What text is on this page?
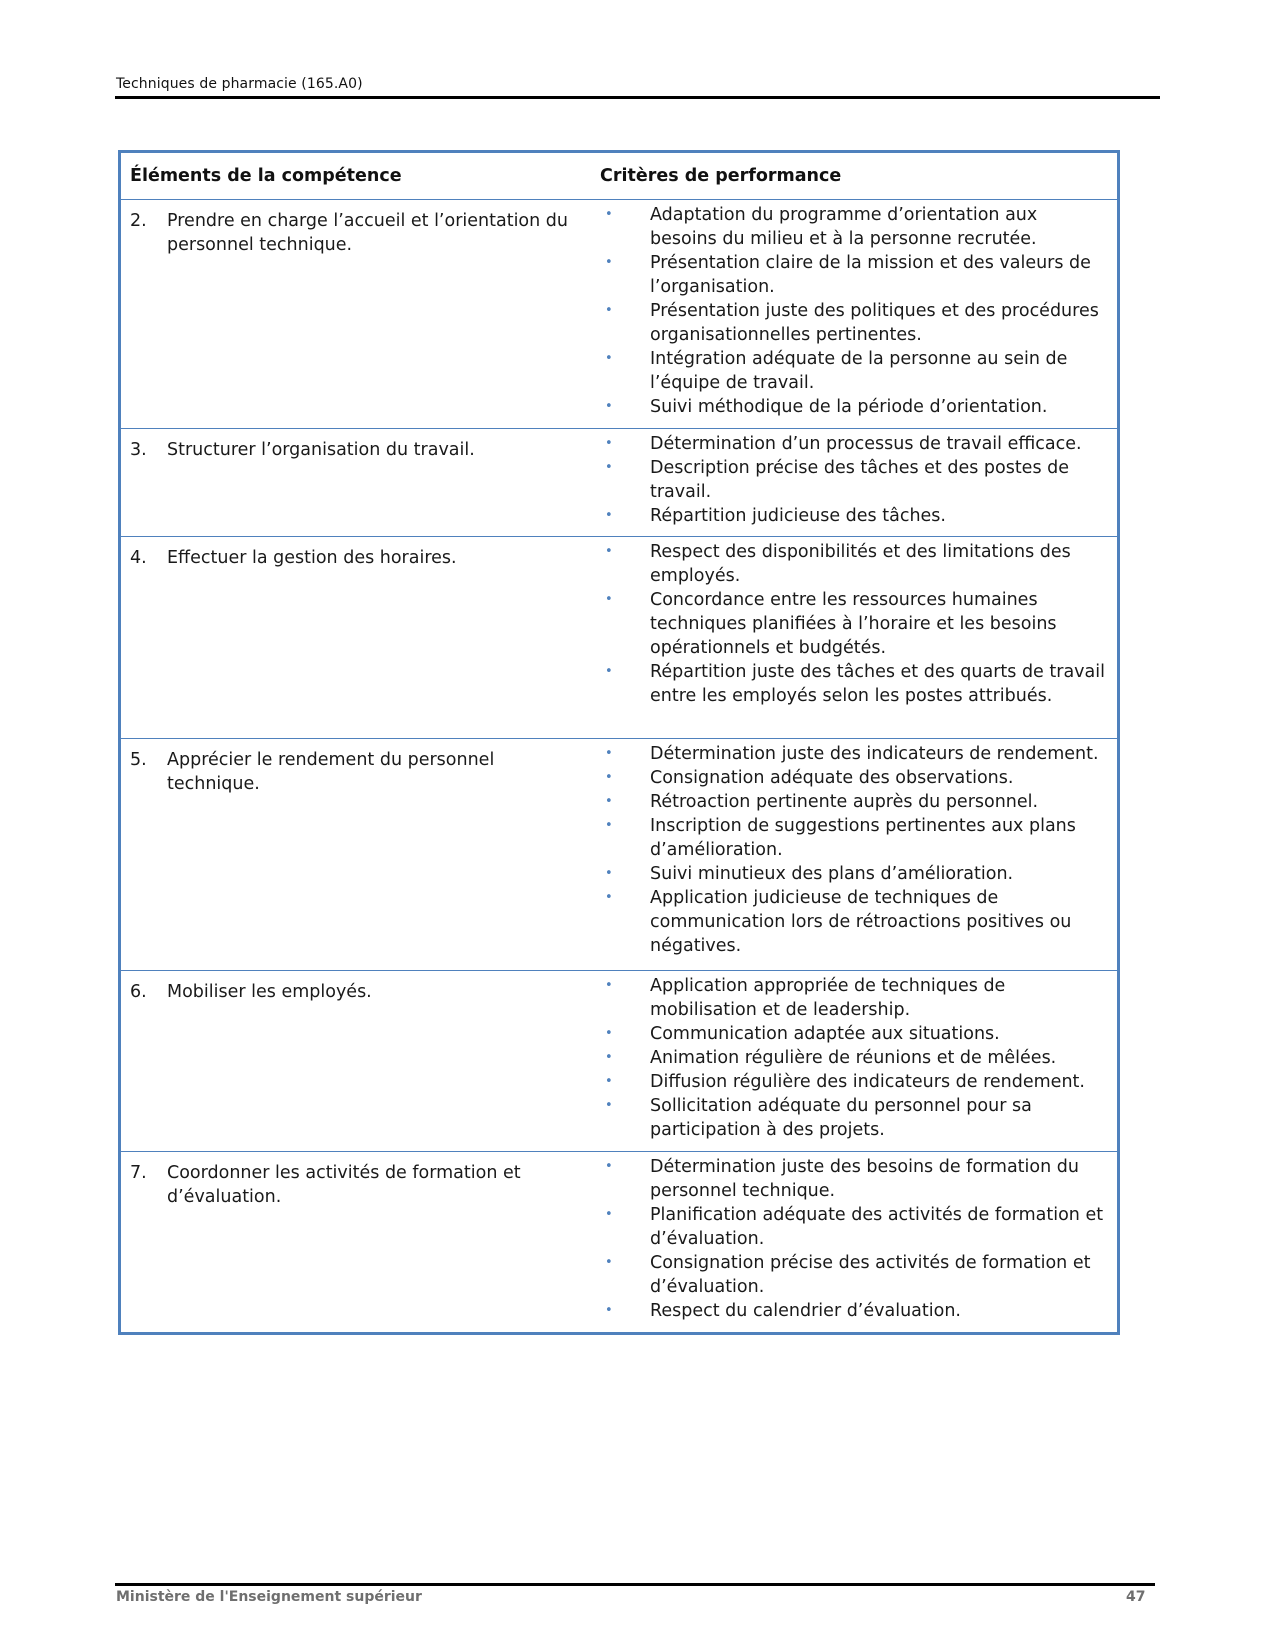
Techniques de pharmacie (165.A0)
Éléments de la compétence	Critères de performance
2.	Prendre en charge l’accueil et l’orientation du personnel technique.
•	Adaptation du programme d’orientation aux besoins du milieu et à la personne recrutée.
•	Présentation claire de la mission et des valeurs de l’organisation.
•	Présentation juste des politiques et des procédures organisationnelles pertinentes.
•	Intégration adéquate de la personne au sein de l’équipe de travail.
•	Suivi méthodique de la période d’orientation.
3.	Structurer l’organisation du travail.	•	Détermination d’un processus de travail efficace.
•	Description précise des tâches et des postes de travail.
•	Répartition judicieuse des tâches.
4.	Effectuer la gestion des horaires.	•	Respect des disponibilités et des limitations des employés.
•	Concordance entre les ressources humaines techniques planifiées à l’horaire et les besoins opérationnels et budgétés.
•	Répartition juste des tâches et des quarts de travail entre les employés selon les postes attribués.
5.	Apprécier le rendement du personnel technique.
•	Détermination juste des indicateurs de rendement.
•	Consignation adéquate des observations.
•	Rétroaction pertinente auprès du personnel.
•	Inscription de suggestions pertinentes aux plans d’amélioration.
•	Suivi minutieux des plans d’amélioration.
•	Application judicieuse de techniques de communication lors de rétroactions positives ou négatives.
6.	Mobiliser les employés.	•	Application appropriée de techniques de mobilisation et de leadership.
•	Communication adaptée aux situations.
•	Animation régulière de réunions et de mêlées.
•	Diffusion régulière des indicateurs de rendement.
•	Sollicitation adéquate du personnel pour sa participation à des projets.
7.	Coordonner les activités de formation et d’évaluation.
•	Détermination juste des besoins de formation du personnel technique.
•	Planification adéquate des activités de formation et d’évaluation.
•	Consignation précise des activités de formation et d’évaluation.
•	Respect du calendrier d’évaluation.
Ministère de l'Enseignement supérieur	47
